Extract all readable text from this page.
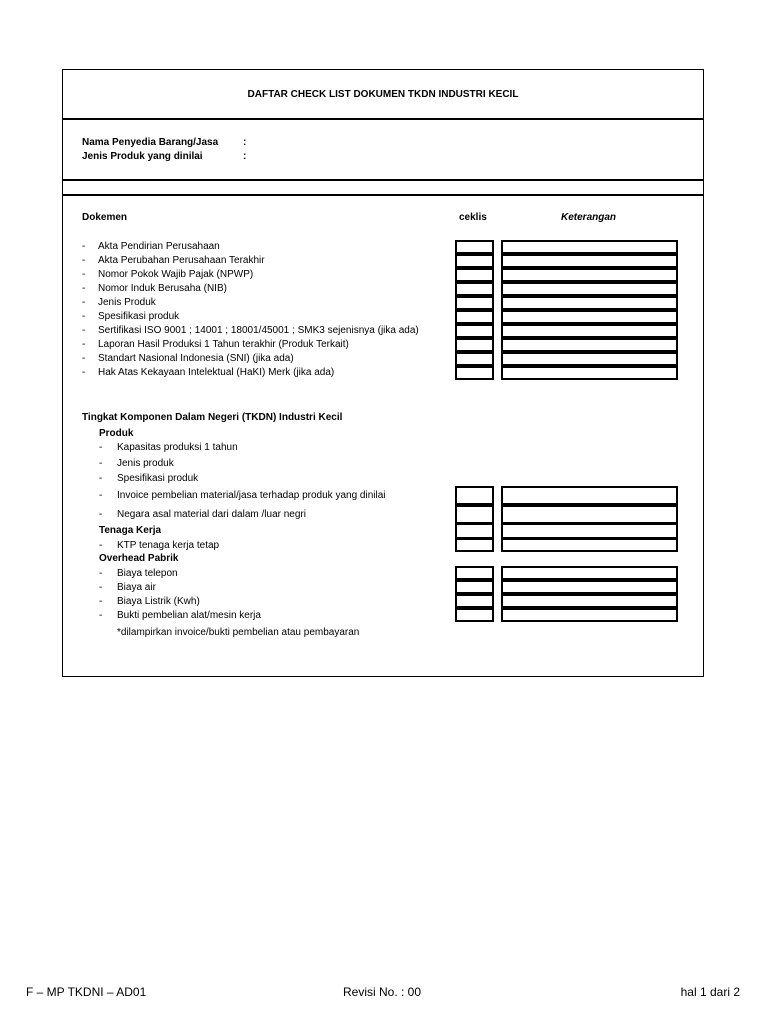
DAFTAR CHECK LIST DOKUMEN TKDN INDUSTRI KECIL
Nama Penyedia Barang/Jasa :
Jenis Produk yang dinilai	:
Dokemen	ceklis	Keterangan
- Akta Pendirian Perusahaan
- Akta Perubahan Perusahaan Terakhir
- Nomor Pokok Wajib Pajak (NPWP)
- Nomor Induk Berusaha (NIB)
- Jenis Produk
- Spesifikasi produk
- Sertifikasi ISO 9001 ; 14001 ; 18001/45001 ; SMK3 sejenisnya (jika ada)
- Laporan Hasil Produksi 1 Tahun terakhir (Produk Terkait)
- Standart Nasional Indonesia (SNI) (jika ada)
- Hak Atas Kekayaan Intelektual (HaKI) Merk (jika ada)
Tingkat Komponen Dalam Negeri (TKDN) Industri Kecil
Produk
- Kapasitas produksi 1 tahun
- Jenis produk
- Spesifikasi produk
- Invoice pembelian material/jasa terhadap produk yang dinilai
- Negara asal material dari dalam /luar negri
Tenaga Kerja
- KTP tenaga kerja tetap
Overhead Pabrik
- Biaya telepon
- Biaya air
- Biaya Listrik (Kwh)
- Bukti pembelian alat/mesin kerja
*dilampirkan invoice/bukti pembelian atau pembayaran
F – MP TKDNI – AD01	Revisi No. : 00	hal 1 dari 2
